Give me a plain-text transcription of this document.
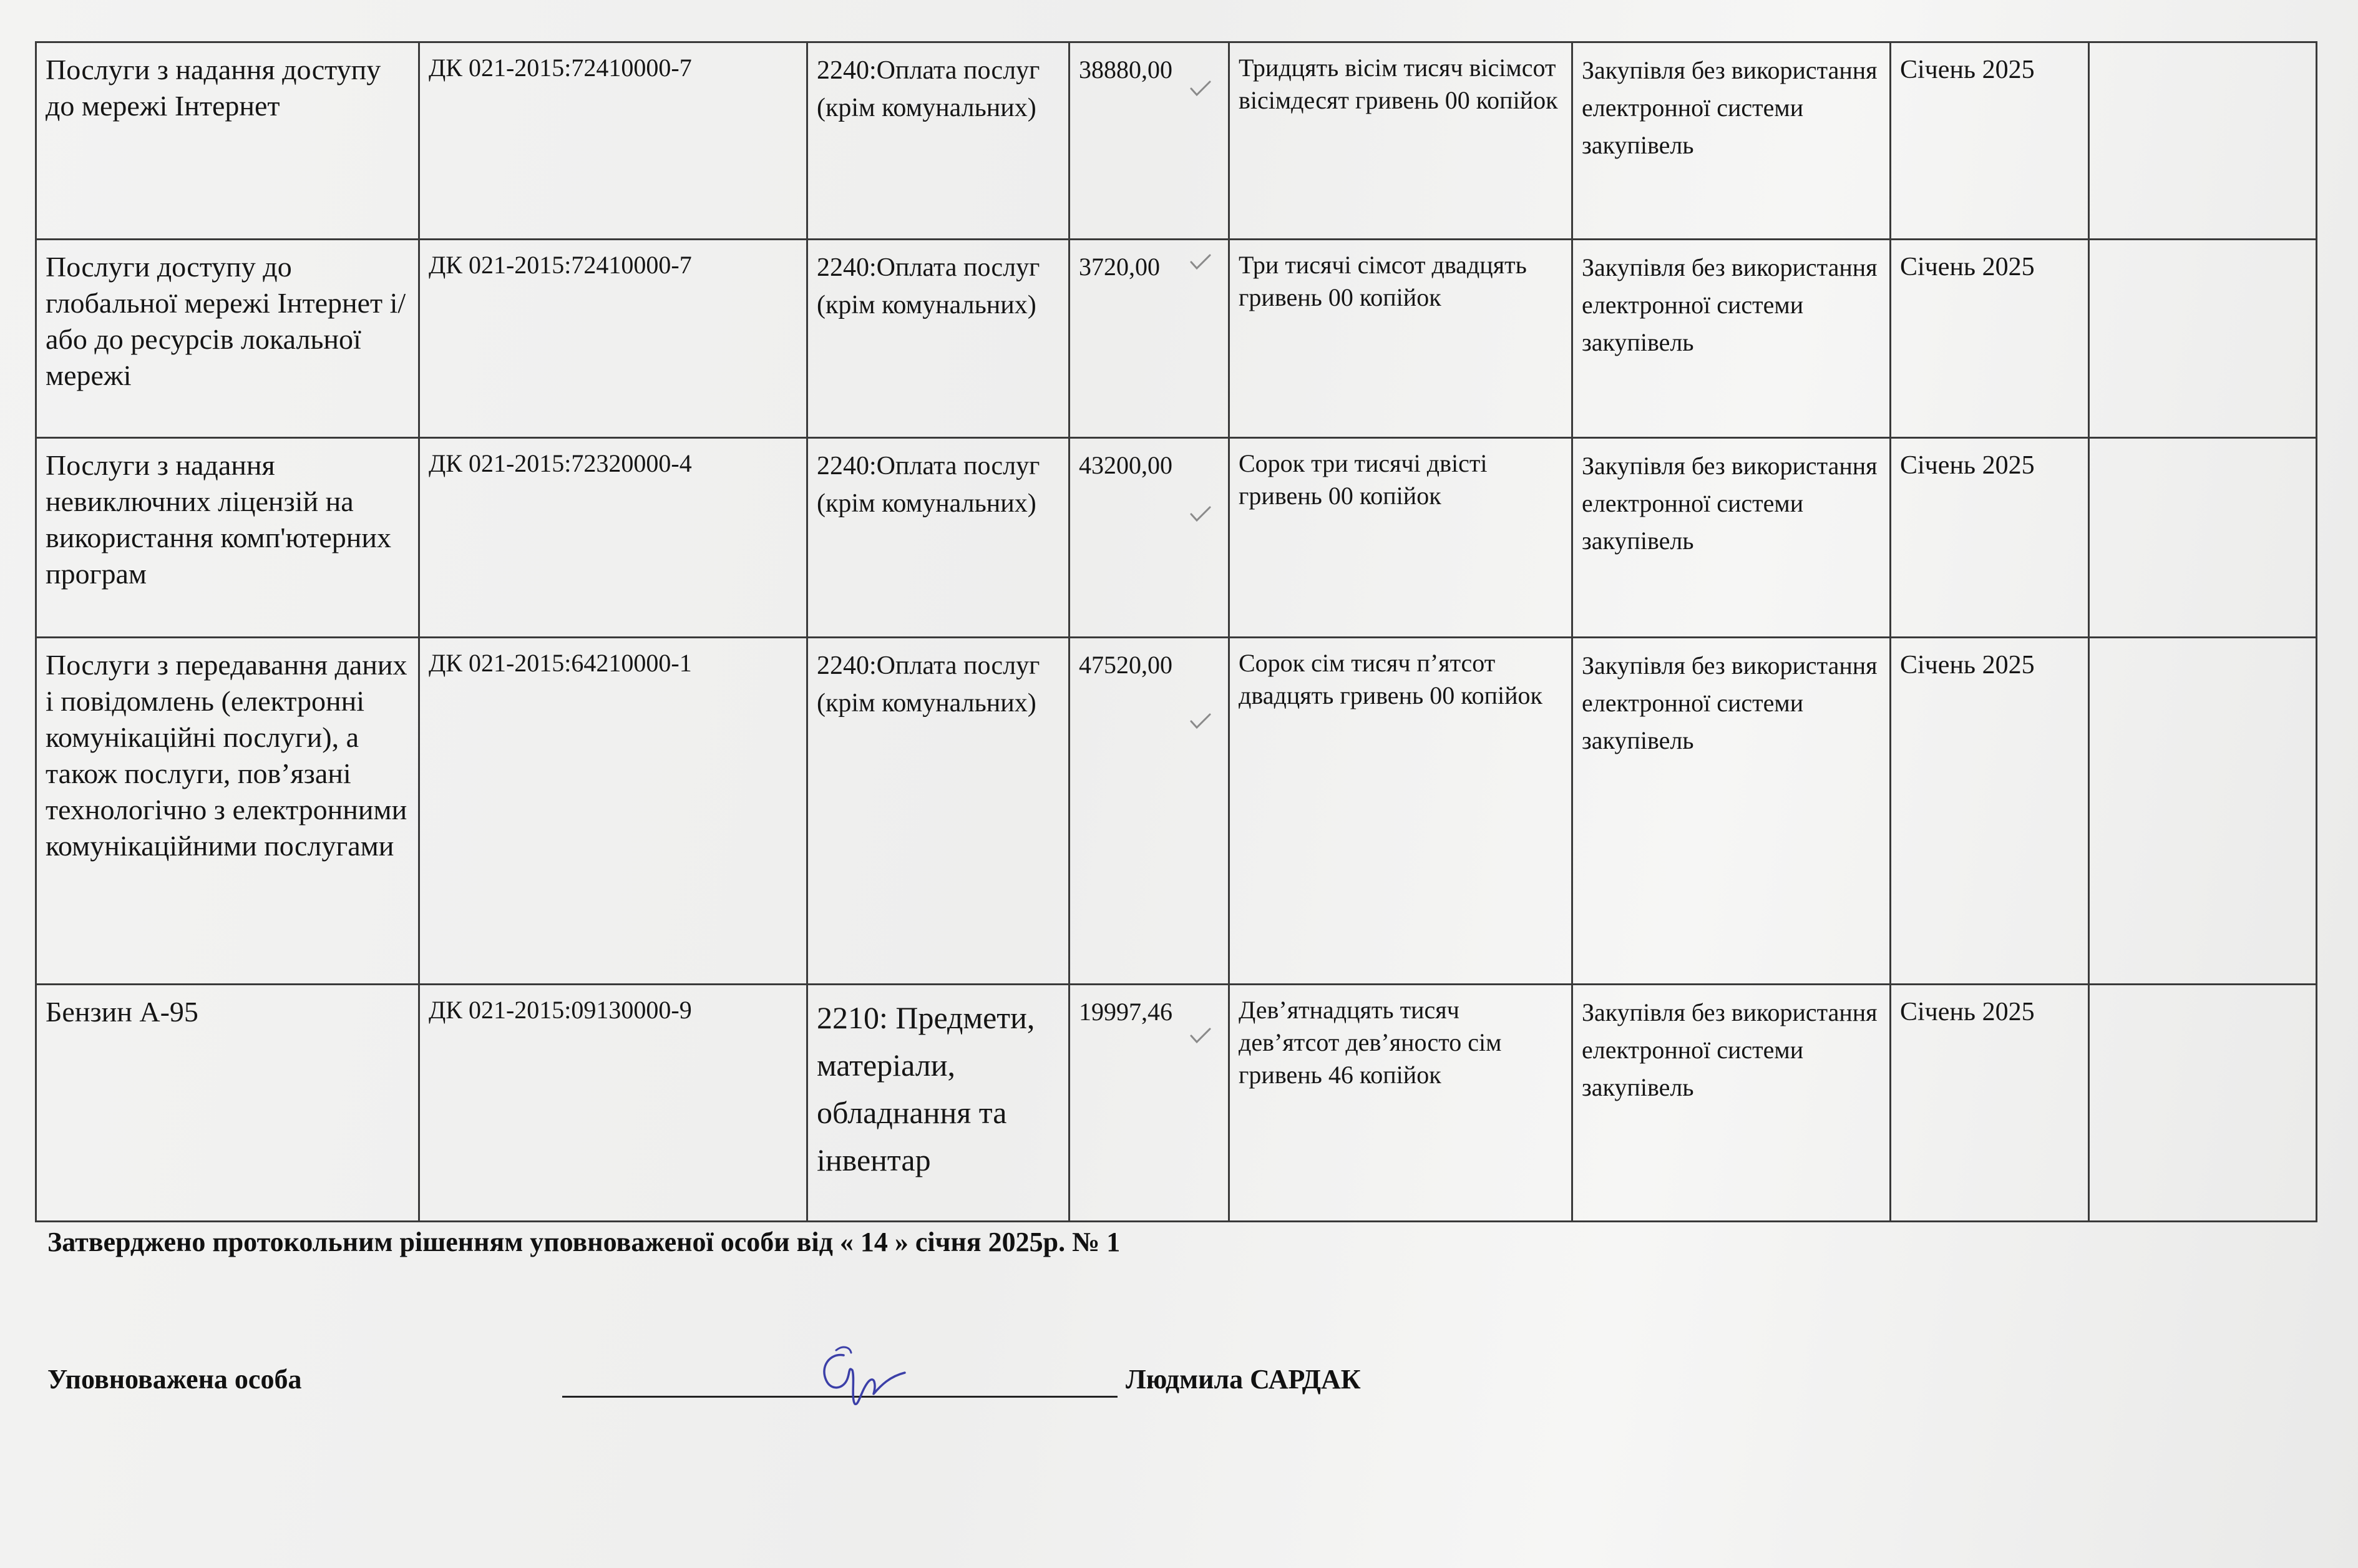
Послуги з надання доступу до мережі Інтернет	ДК 021-2015:72410000-7	2240:Оплата послуг (крім комунальних)	38880,00	Тридцять вісім тисяч вісімсот вісімдесят гривень 00 копійок	Закупівля без використання електронної системи закупівель	Січень 2025	
Послуги доступу до глобальної мережі Інтернет і/або до ресурсів локальної мережі	ДК 021-2015:72410000-7	2240:Оплата послуг (крім комунальних)	3720,00	Три тисячі сімсот двадцять гривень 00 копійок	Закупівля без використання електронної системи закупівель	Січень 2025	
Послуги з надання невиключних ліцензій на використання комп'ютерних програм	ДК 021-2015:72320000-4	2240:Оплата послуг (крім комунальних)	43200,00	Сорок три тисячі двісті гривень 00 копійок	Закупівля без використання електронної системи закупівель	Січень 2025	
Послуги з передавання даних і повідомлень (електронні комунікаційні послуги), а також послуги, пов’язані технологічно з електронними комунікаційними послугами	ДК 021-2015:64210000-1	2240:Оплата послуг (крім комунальних)	47520,00	Сорок сім тисяч п’ятсот двадцять гривень 00 копійок	Закупівля без використання електронної системи закупівель	Січень 2025	
Бензин А-95	ДК 021-2015:09130000-9	2210: Предмети, матеріали, обладнання та інвентар	19997,46	Дев’ятнадцять тисяч дев’ятсот дев’яносто сім гривень 46 копійок	Закупівля без використання електронної системи закупівель	Січень 2025	
Затверджено протокольним рішенням уповноваженої особи від « 14 » січня 2025р. № 1
Уповноважена особа	Людмила САРДАК
